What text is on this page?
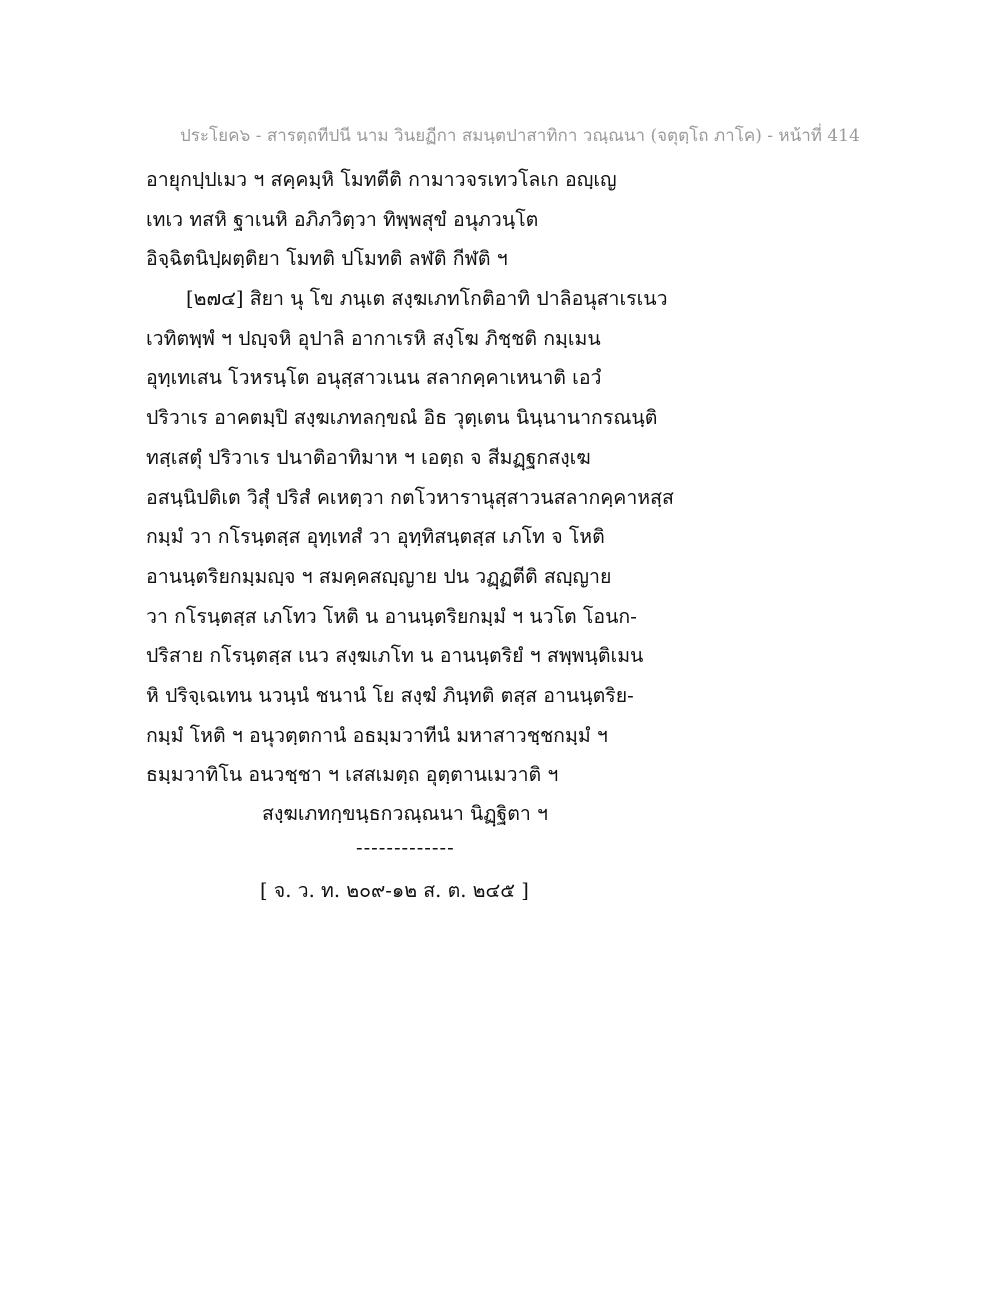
ประโยค๖ - สารตฺถทีปนี นาม วินยฏีกา สมนฺตปาสาทิกา วณฺณนา (จตุตฺโถ ภาโค) - หน้าที่ 414
อายุกปฺปเมว ฯ สคฺคมฺหิ โมทตีติ กามาวจรเทวโลเก อญฺเญ
เทเว ทสหิ ฐาเนหิ อภิภวิตฺวา ทิพฺพสุขํ อนุภวนฺโต
อิจฺฉิตนิปฺผตฺติยา โมทติ ปโมทติ ลฬติ กีฬติ ฯ
[๒๗๔] สิยา นุ โข ภนฺเต สงฺฆเภทโกติอาทิ ปาลิอนุสาเรเนว
เวทิตพฺพํ ฯ ปญฺจหิ อุปาลิ อากาเรหิ สงฺโฆ ภิชฺชติ กมฺเมน
อุทฺเทเสน โวหรนฺโต อนุสฺสาวเนน สลากคฺคาเหนาติ เอวํ
ปริวาเร อาคตมฺปิ สงฺฆเภทลกฺขณํ อิธ วุตฺเตน นินฺนานากรณนฺติ
ทสฺเสตุํ ปริวาเร ปนาติอาทิมาห ฯ เอตฺถ จ สีมฏฺฐกสงฺเฆ
อสนฺนิปติเต วิสุํ ปริสํ คเหตฺวา กตโวหารานุสฺสาวนสลากคฺคาหสฺส
กมฺมํ วา กโรนฺตสฺส อุทฺเทสํ วา อุทฺทิสนฺตสฺส เภโท จ โหติ
อานนฺตริยกมฺมญฺจ ฯ สมคฺคสญฺญาย ปน วฏฺฏตีติ สญฺญาย
วา กโรนฺตสฺส เภโทว โหติ น อานนฺตริยกมฺมํ ฯ นวโต โอนก-
ปริสาย กโรนฺตสฺส เนว สงฺฆเภโท น อานนฺตริยํ ฯ สพฺพนฺติเมน
หิ ปริจฺเฉเทน นวนฺนํ ชนานํ โย สงฺฆํ ภินฺทติ ตสฺส อานนฺตริย-
กมฺมํ โหติ ฯ อนุวตฺตกานํ อธมฺมวาทีนํ มหาสาวชฺชกมฺมํ ฯ
ธมฺมวาทิโน อนวชฺชา ฯ เสสเมตฺถ อุตฺตานเมวาติ ฯ
สงฺฆเภทกฺขนฺธกวณฺณนา นิฏฺฐิตา ฯ
-------------
[ จ. ว. ท. ๒๐๙-๑๒ ส. ต. ๒๔๕ ]
